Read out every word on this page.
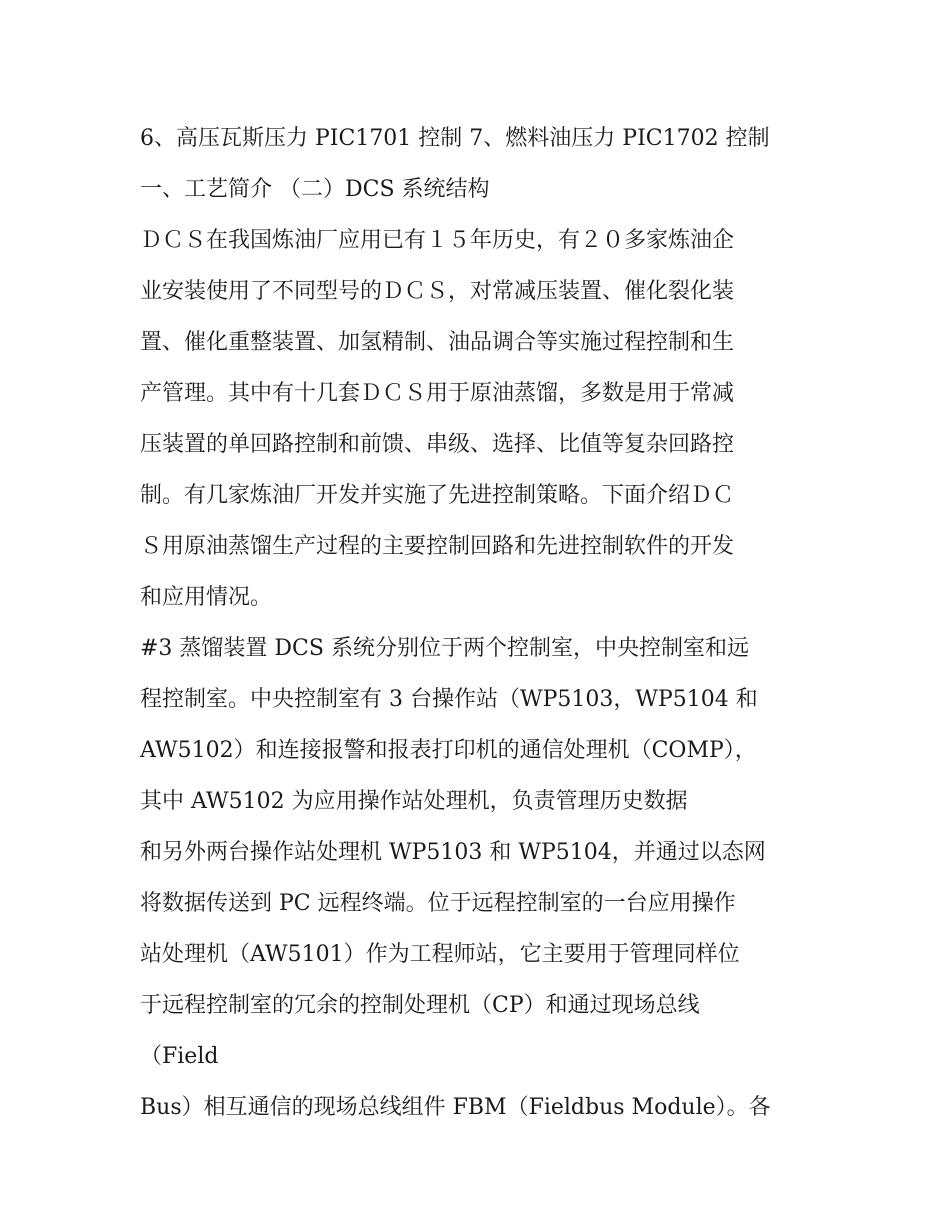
6、高压瓦斯压力 PIC1701 控制 7、燃料油压力 PIC1702 控制
一、工艺简介 （二）DCS 系统结构
ＤＣＳ在我国炼油厂应用已有１５年历史，有２０多家炼油企
业安装使用了不同型号的ＤＣＳ，对常减压装置、催化裂化装
置、催化重整装置、加氢精制、油品调合等实施过程控制和生
产管理。其中有十几套ＤＣＳ用于原油蒸馏，多数是用于常减
压装置的单回路控制和前馈、串级、选择、比值等复杂回路控
制。有几家炼油厂开发并实施了先进控制策略。下面介绍ＤＣ
Ｓ用原油蒸馏生产过程的主要控制回路和先进控制软件的开发
和应用情况。
#3 蒸馏装置 DCS 系统分别位于两个控制室，中央控制室和远
程控制室。中央控制室有 3 台操作站（WP5103，WP5104 和
AW5102）和连接报警和报表打印机的通信处理机（COMP），
其中 AW5102 为应用操作站处理机，负责管理历史数据
和另外两台操作站处理机 WP5103 和 WP5104，并通过以态网
将数据传送到 PC 远程终端。位于远程控制室的一台应用操作
站处理机（AW5101）作为工程师站，它主要用于管理同样位
于远程控制室的冗余的控制处理机（CP）和通过现场总线
（Field
Bus）相互通信的现场总线组件 FBM（Fieldbus Module）。各
